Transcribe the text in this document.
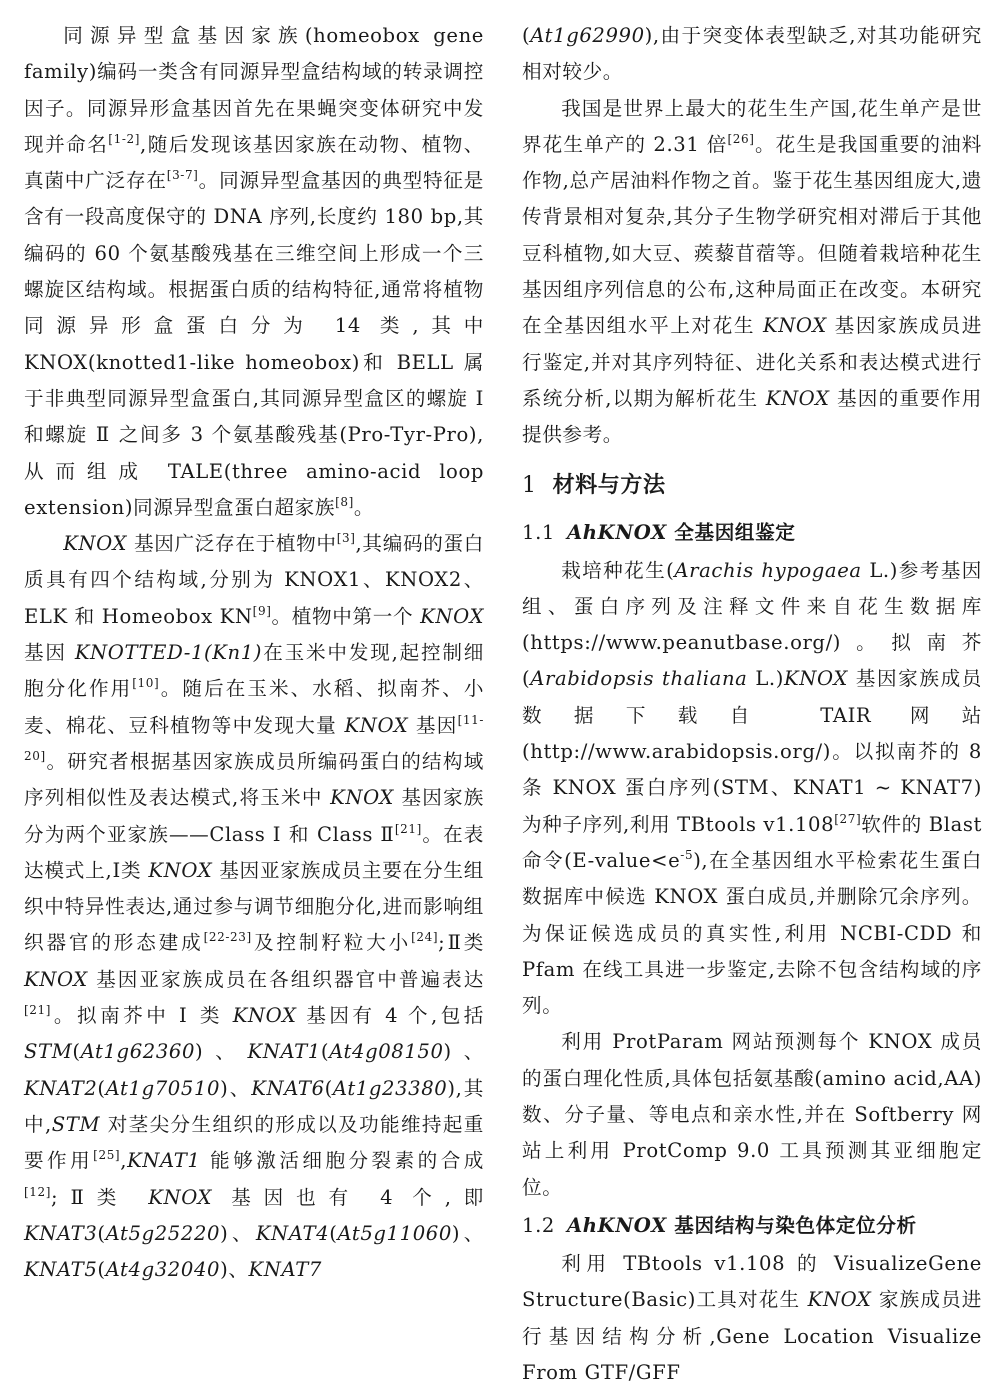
同源异型盒基因家族(homeobox gene family)编码一类含有同源异型盒结构域的转录调控因子。同源异形盒基因首先在果蝇突变体研究中发现并命名[1-2],随后发现该基因家族在动物、植物、真菌中广泛存在[3-7]。同源异型盒基因的典型特征是含有一段高度保守的 DNA 序列,长度约 180 bp,其编码的 60 个氨基酸残基在三维空间上形成一个三螺旋区结构域。根据蛋白质的结构特征,通常将植物同源异形盒蛋白分为 14 类,其中 KNOX(knotted1-like homeobox)和 BELL 属于非典型同源异型盒蛋白,其同源异型盒区的螺旋 Ⅰ 和螺旋 Ⅱ 之间多 3 个氨基酸残基(Pro-Tyr-Pro),从而组成 TALE(three amino-acid loop extension)同源异型盒蛋白超家族[8]。

KNOX 基因广泛存在于植物中[3],其编码的蛋白质具有四个结构域,分别为 KNOX1、KNOX2、ELK 和 Homeobox KN[9]。植物中第一个 KNOX 基因 KNOTTED-1(Kn1)在玉米中发现,起控制细胞分化作用[10]。随后在玉米、水稻、拟南芥、小麦、棉花、豆科植物等中发现大量 KNOX 基因[11-20]。研究者根据基因家族成员所编码蛋白的结构域序列相似性及表达模式,将玉米中 KNOX 基因家族分为两个亚家族——Class Ⅰ 和 Class Ⅱ[21]。在表达模式上,Ⅰ类 KNOX 基因亚家族成员主要在分生组织中特异性表达,通过参与调节细胞分化,进而影响组织器官的形态建成[22-23]及控制籽粒大小[24];Ⅱ类 KNOX 基因亚家族成员在各组织器官中普遍表达[21]。拟南芥中 Ⅰ 类 KNOX 基因有 4 个,包括 STM(At1g62360)、KNAT1(At4g08150)、KNAT2(At1g70510)、KNAT6(At1g23380),其中,STM 对茎尖分生组织的形成以及功能维持起重要作用[25],KNAT1 能够激活细胞分裂素的合成[12];Ⅱ类 KNOX 基因也有 4 个,即 KNAT3(At5g25220)、KNAT4(At5g11060)、KNAT5(At4g32040)、KNAT7

(At1g62990),由于突变体表型缺乏,对其功能研究相对较少。

我国是世界上最大的花生生产国,花生单产是世界花生单产的 2.31 倍[26]。花生是我国重要的油料作物,总产居油料作物之首。鉴于花生基因组庞大,遗传背景相对复杂,其分子生物学研究相对滞后于其他豆科植物,如大豆、蒺藜苜蓿等。但随着栽培种花生基因组序列信息的公布,这种局面正在改变。本研究在全基因组水平上对花生 KNOX 基因家族成员进行鉴定,并对其序列特征、进化关系和表达模式进行系统分析,以期为解析花生 KNOX 基因的重要作用提供参考。

1 材料与方法
1.1 AhKNOX 全基因组鉴定

栽培种花生(Arachis hypogaea L.)参考基因组、蛋白序列及注释文件来自花生数据库(https://www.peanutbase.org/)。拟南芥(Arabidopsis thaliana L.)KNOX 基因家族成员数据下载自 TAIR 网站(http://www.arabidopsis.org/)。以拟南芥的 8 条 KNOX 蛋白序列(STM、KNAT1 ~ KNAT7)为种子序列,利用 TBtools v1.108[27]软件的 Blast 命令$(E-value<e^{-5})$,在全基因组水平检索花生蛋白数据库中候选 KNOX 蛋白成员,并删除冗余序列。为保证候选成员的真实性,利用 NCBI-CDD 和 Pfam 在线工具进一步鉴定,去除不包含结构域的序列。

利用 ProtParam 网站预测每个 KNOX 成员的蛋白理化性质,具体包括氨基酸(amino acid,AA)数、分子量、等电点和亲水性,并在 Softberry 网站上利用 ProtComp 9.0 工具预测其亚细胞定位。

1.2 AhKNOX 基因结构与染色体定位分析

利用 TBtools v1.108 的 VisualizeGene Structure(Basic)工具对花生 KNOX 家族成员进行基因结构分析,Gene Location Visualize From GTF/GFF
